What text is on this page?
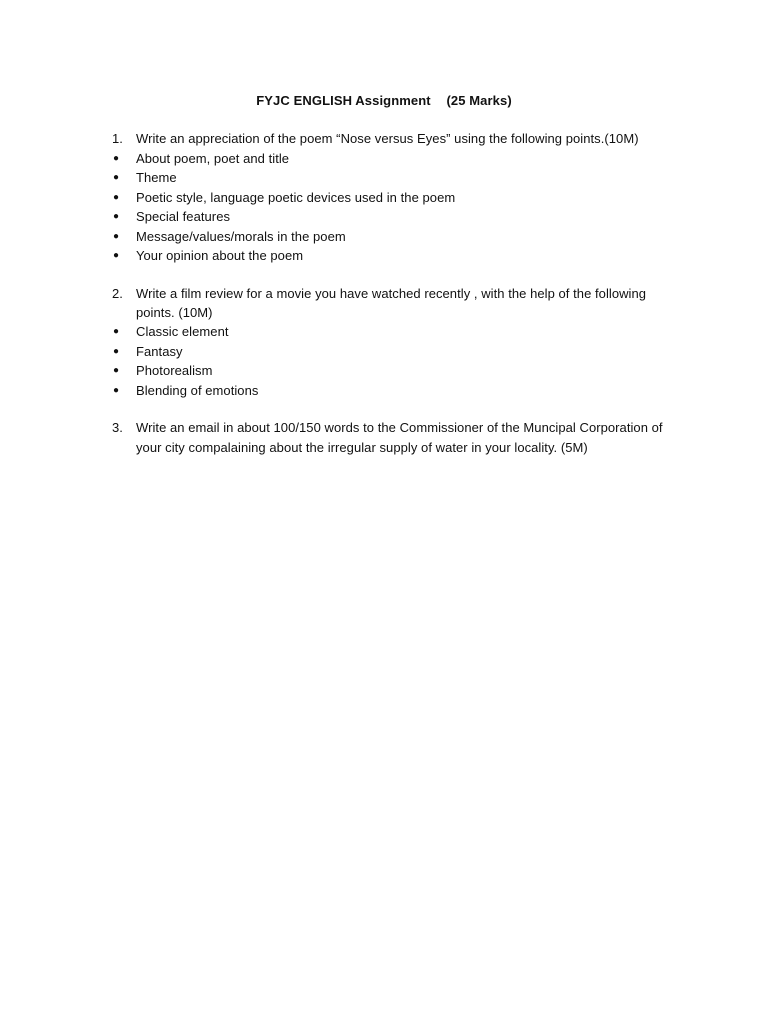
FYJC ENGLISH Assignment (25 Marks)
1. Write an appreciation of the poem “Nose versus Eyes” using the following points.(10M)
● About poem, poet and title
● Theme
● Poetic style, language poetic devices used in the poem
● Special features
● Message/values/morals in the poem
● Your opinion about the poem
2. Write a film review for a movie you have watched recently , with the help of the following
points. (10M)
● Classic element
● Fantasy
● Photorealism
● Blending of emotions
3. Write an email in about 100/150 words to the Commissioner of the Muncipal Corporation of
your city compalaining about the irregular supply of water in your locality. (5M)
